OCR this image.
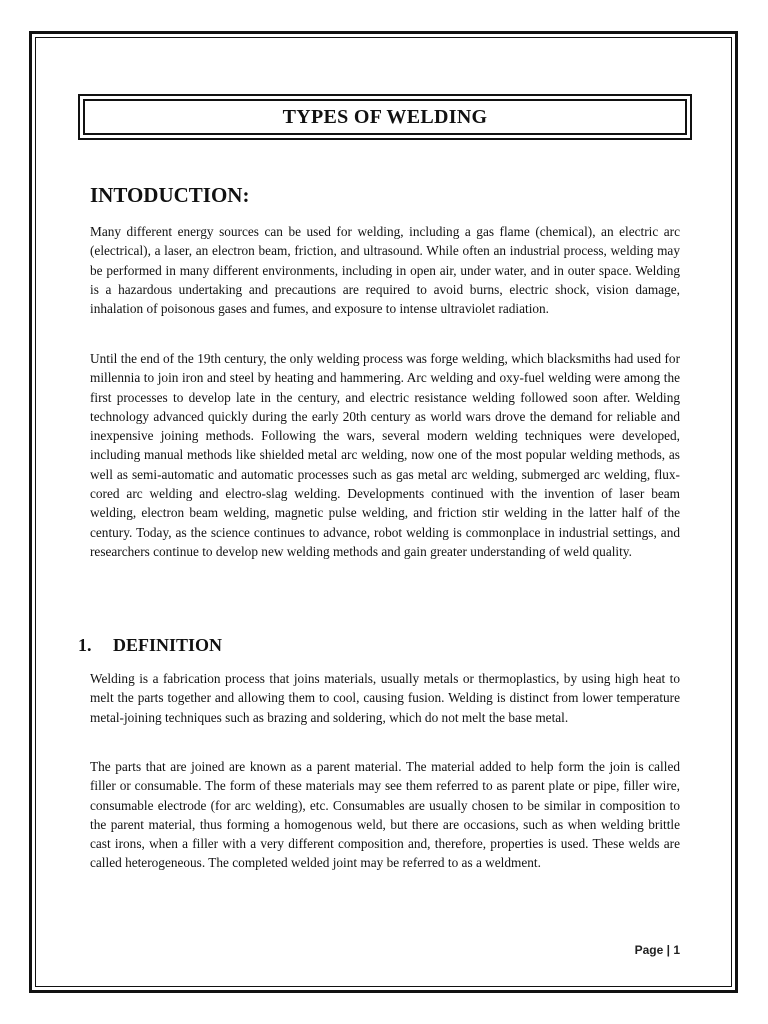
TYPES OF WELDING
INTODUCTION:

Many different energy sources can be used for welding, including a gas flame (chemical), an electric arc (electrical), a laser, an electron beam, friction, and ultrasound. While often an industrial process, welding may be performed in many different environments, including in open air, under water, and in outer space. Welding is a hazardous undertaking and precautions are required to avoid burns, electric shock, vision damage, inhalation of poisonous gases and fumes, and exposure to intense ultraviolet radiation.

Until the end of the 19th century, the only welding process was forge welding, which blacksmiths had used for millennia to join iron and steel by heating and hammering. Arc welding and oxy-fuel welding were among the first processes to develop late in the century, and electric resistance welding followed soon after. Welding technology advanced quickly during the early 20th century as world wars drove the demand for reliable and inexpensive joining methods. Following the wars, several modern welding techniques were developed, including manual methods like shielded metal arc welding, now one of the most popular welding methods, as well as semi-automatic and automatic processes such as gas metal arc welding, submerged arc welding, flux-cored arc welding and electro-slag welding. Developments continued with the invention of laser beam welding, electron beam welding, magnetic pulse welding, and friction stir welding in the latter half of the century. Today, as the science continues to advance, robot welding is commonplace in industrial settings, and researchers continue to develop new welding methods and gain greater understanding of weld quality.

1. DEFINITION

Welding is a fabrication process that joins materials, usually metals or thermoplastics, by using high heat to melt the parts together and allowing them to cool, causing fusion. Welding is distinct from lower temperature metal-joining techniques such as brazing and soldering, which do not melt the base metal.

The parts that are joined are known as a parent material. The material added to help form the join is called filler or consumable. The form of these materials may see them referred to as parent plate or pipe, filler wire, consumable electrode (for arc welding), etc. Consumables are usually chosen to be similar in composition to the parent material, thus forming a homogenous weld, but there are occasions, such as when welding brittle cast irons, when a filler with a very different composition and, therefore, properties is used. These welds are called heterogeneous. The completed welded joint may be referred to as a weldment.

Page | 1
